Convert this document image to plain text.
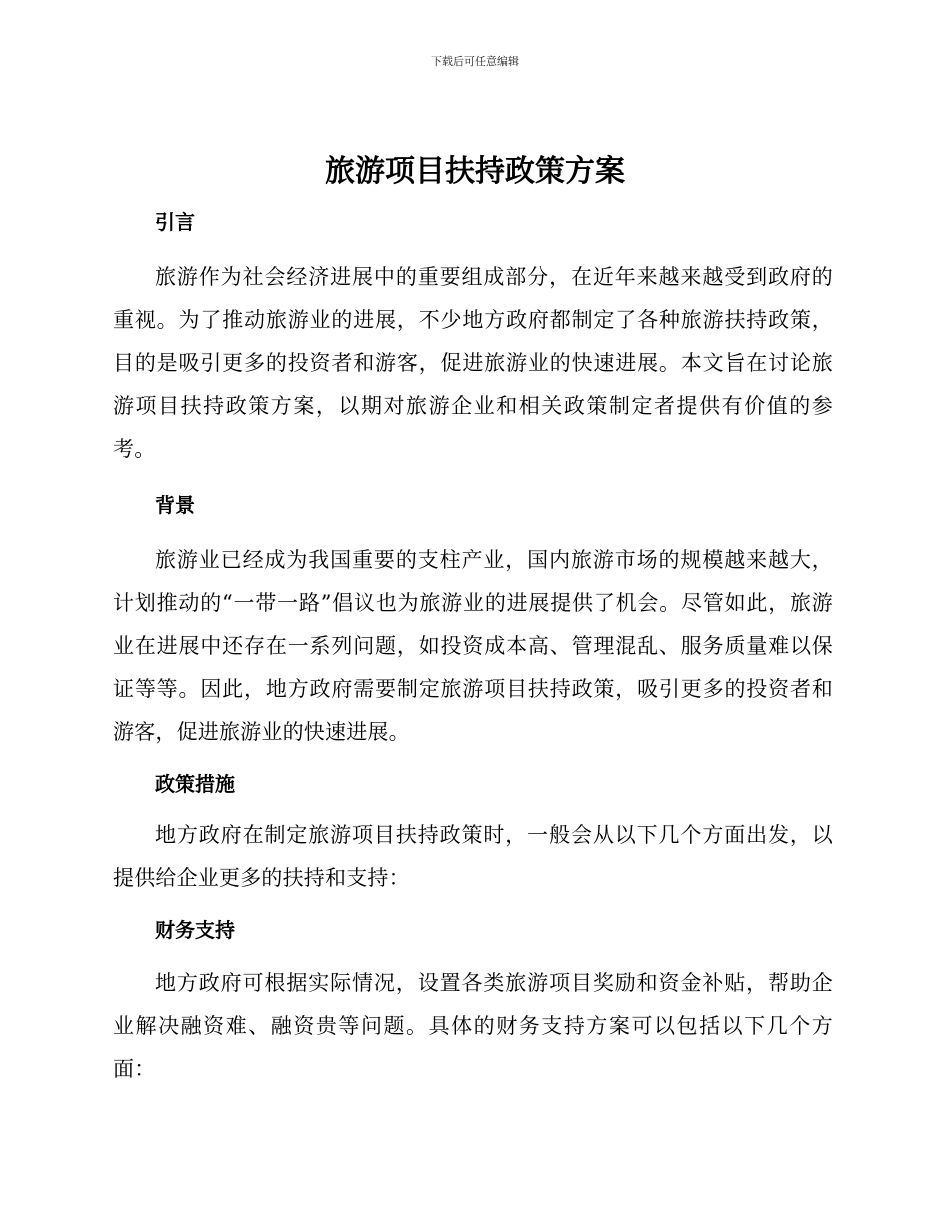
下载后可任意编辑
旅游项目扶持政策方案
引言

旅游作为社会经济进展中的重要组成部分，在近年来越来越受到政府的重视。为了推动旅游业的进展，不少地方政府都制定了各种旅游扶持政策，目的是吸引更多的投资者和游客，促进旅游业的快速进展。本文旨在讨论旅游项目扶持政策方案，以期对旅游企业和相关政策制定者提供有价值的参考。

背景

旅游业已经成为我国重要的支柱产业，国内旅游市场的规模越来越大，计划推动的“一带一路”倡议也为旅游业的进展提供了机会。尽管如此，旅游业在进展中还存在一系列问题，如投资成本高、管理混乱、服务质量难以保证等等。因此，地方政府需要制定旅游项目扶持政策，吸引更多的投资者和游客，促进旅游业的快速进展。

政策措施

地方政府在制定旅游项目扶持政策时，一般会从以下几个方面出发，以提供给企业更多的扶持和支持：

财务支持

地方政府可根据实际情况，设置各类旅游项目奖励和资金补贴，帮助企业解决融资难、融资贵等问题。具体的财务支持方案可以包括以下几个方面：
